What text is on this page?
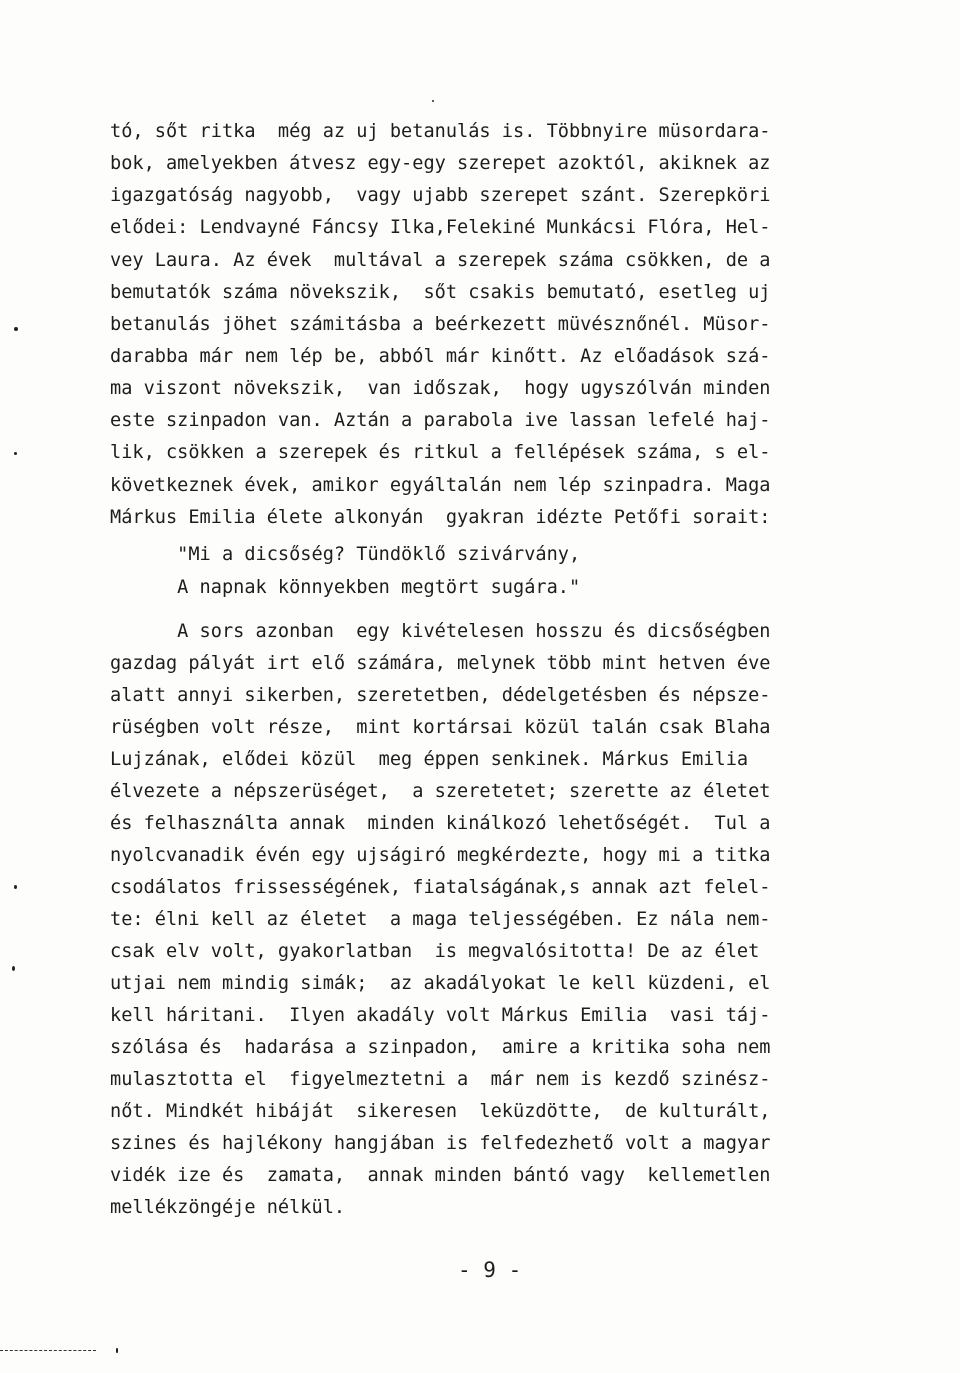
tó, sőt ritka  még az uj betanulás is. Többnyire müsordara-
bok, amelyekben átvesz egy-egy szerepet azoktól, akiknek az
igazgatóság nagyobb,  vagy ujabb szerepet szánt. Szerepköri
elődei: Lendvayné Fáncsy Ilka,Felekiné Munkácsi Flóra, Hel-
vey Laura. Az évek  multával a szerepek száma csökken, de a
bemutatók száma növekszik,  sőt csakis bemutató, esetleg uj
betanulás jöhet számitásba a beérkezett müvésznőnél. Müsor-
darabba már nem lép be, abból már kinőtt. Az előadások szá-
ma viszont növekszik,  van időszak,  hogy ugyszólván minden
este szinpadon van. Aztán a parabola ive lassan lefelé haj-
lik, csökken a szerepek és ritkul a fellépések száma, s el-
következnek évek, amikor egyáltalán nem lép szinpadra. Maga
Márkus Emilia élete alkonyán  gyakran idézte Petőfi sorait:
"Mi a dicsőség? Tündöklő szivárvány,
A napnak könnyekben megtört sugára."
A sors azonban  egy kivételesen hosszu és dicsőségben
gazdag pályát irt elő számára, melynek több mint hetven éve
alatt annyi sikerben, szeretetben, dédelgetésben és népsze-
rüségben volt része,  mint kortársai közül talán csak Blaha
Lujzának, elődei közül  meg éppen senkinek. Márkus Emilia
élvezete a népszerüséget,  a szeretetet; szerette az életet
és felhasználta annak  minden kinálkozó lehetőségét.  Tul a
nyolcvanadik évén egy ujságiró megkérdezte, hogy mi a titka
csodálatos frissességének, fiatalságának,s annak azt felel-
te: élni kell az életet  a maga teljességében. Ez nála nem-
csak elv volt, gyakorlatban  is megvalósitotta! De az élet
utjai nem mindig simák;  az akadályokat le kell küzdeni, el
kell háritani.  Ilyen akadály volt Márkus Emilia  vasi táj-
szólása és  hadarása a szinpadon,  amire a kritika soha nem
mulasztotta el  figyelmeztetni a  már nem is kezdő szinész-
nőt. Mindkét hibáját  sikeresen  leküzdötte,  de kulturált,
szines és hajlékony hangjában is felfedezhető volt a magyar
vidék ize és  zamata,  annak minden bántó vagy  kellemetlen
mellékzöngéje nélkül.
- 9 -
